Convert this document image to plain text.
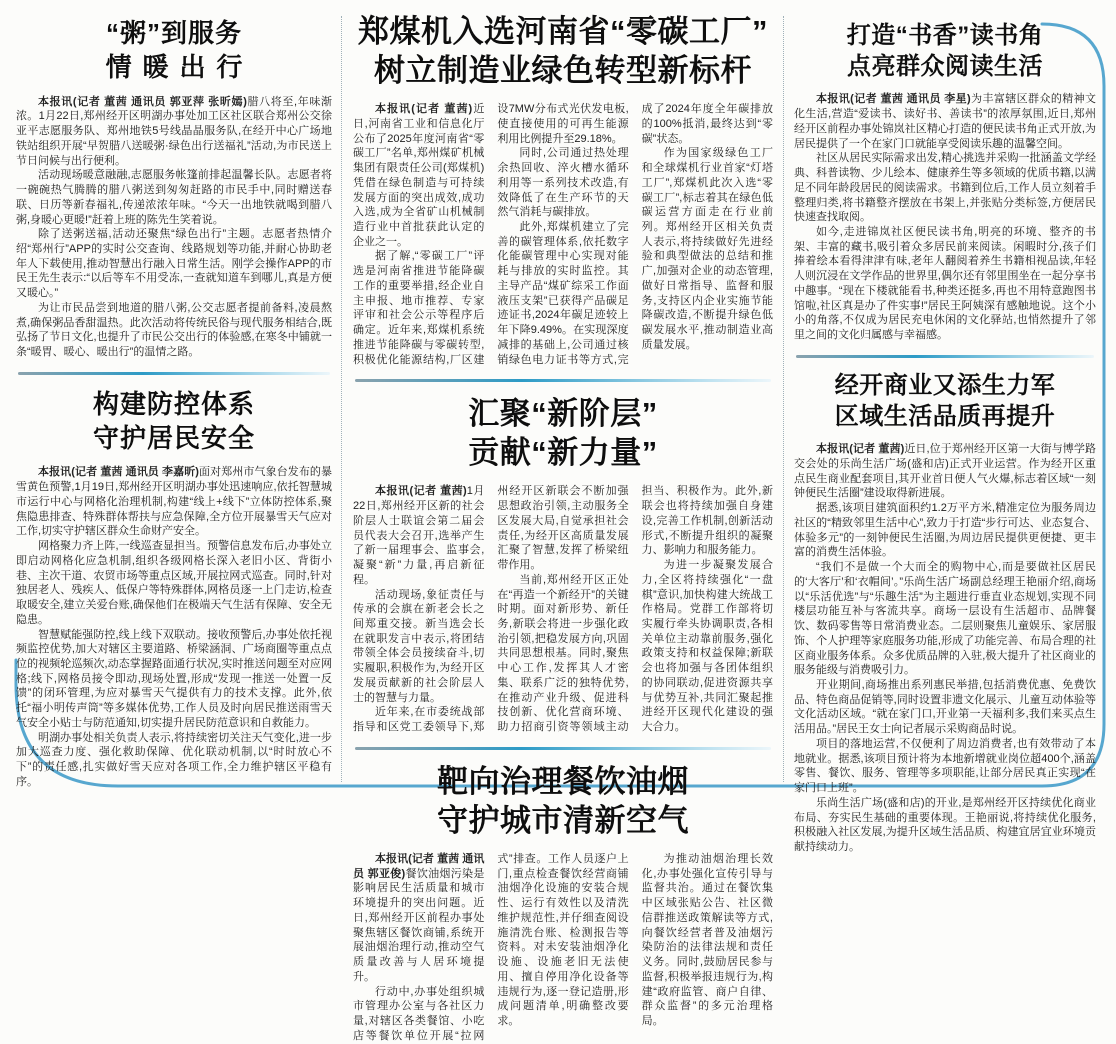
“粥”到服务
情暖出行

本报讯(记者 董茜 通讯员 郭亚萍 张昕嫣)腊八将至,年味渐浓。1月22日,郑州经开区明湖办事处加工区社区联合郑州公交徐亚平志愿服务队、郑州地铁5号线晶晶服务队,在经开中心广场地铁站组织开展“早贺腊八送暖粥·绿色出行送福礼”活动,为市民送上节日问候与出行便利。

活动现场暖意融融,志愿服务帐篷前排起温馨长队。志愿者将一碗碗热气腾腾的腊八粥送到匆匆赶路的市民手中,同时赠送春联、日历等新春福礼,传递浓浓年味。“今天一出地铁就喝到腊八粥,身暖心更暖!”赶着上班的陈先生笑着说。

除了送粥送福,活动还聚焦“绿色出行”主题。志愿者热情介绍“郑州行”APP的实时公交查询、线路规划等功能,并耐心协助老年人下载使用,推动智慧出行融入日常生活。刚学会操作APP的市民王先生表示:“以后等车不用受冻,一查就知道车到哪儿,真是方便又暖心。”

为让市民品尝到地道的腊八粥,公交志愿者提前备料,凌晨熬煮,确保粥品香甜温热。此次活动将传统民俗与现代服务相结合,既弘扬了节日文化,也提升了市民公交出行的体验感,在寒冬中铺就一条“暖胃、暖心、暖出行”的温情之路。

构建防控体系
守护居民安全

本报讯(记者 董茜 通讯员 李嘉昕)面对郑州市气象台发布的暴雪黄色预警,1月19日,郑州经开区明湖办事处迅速响应,依托智慧城市运行中心与网格化治理机制,构建“线上+线下”立体防控体系,聚焦隐患排查、特殊群体帮扶与应急保障,全方位开展暴雪天气应对工作,切实守护辖区群众生命财产安全。

网格聚力齐上阵,一线巡查显担当。预警信息发布后,办事处立即启动网格化应急机制,组织各级网格长深入老旧小区、背街小巷、主次干道、农贸市场等重点区域,开展拉网式巡查。同时,针对独居老人、残疾人、低保户等特殊群体,网格员逐一上门走访,检查取暖安全,建立关爱台账,确保他们在极端天气生活有保障、安全无隐患。

智慧赋能强防控,线上线下双联动。接收预警后,办事处依托视频监控优势,加大对辖区主要道路、桥梁涵洞、广场商圈等重点点位的视频轮巡频次,动态掌握路面通行状况,实时推送问题至对应网格;线下,网格员接令即动,现场处置,形成“发现一推送一处置一反馈”的闭环管理,为应对暴雪天气提供有力的技术支撑。此外,依托“福小明传声筒”等多媒体优势,工作人员及时向居民推送雨雪天气安全小贴士与防范通知,切实提升居民防范意识和自救能力。

明湖办事处相关负责人表示,将持续密切关注天气变化,进一步加大巡查力度、强化救助保障、优化联动机制,以“时时放心不下”的责任感,扎实做好雪天应对各项工作,全力维护辖区平稳有序。

郑煤机入选河南省“零碳工厂”
树立制造业绿色转型新标杆

本报讯(记者 董茜)近日,河南省工业和信息化厅公布了2025年度河南省“零碳工厂”名单,郑州煤矿机械集团有限责任公司(郑煤机)凭借在绿色制造与可持续发展方面的突出成效,成功入选,成为全省矿山机械制造行业中首批获此认定的企业之一。

据了解,“零碳工厂”评选是河南省推进节能降碳工作的重要举措,经企业自主申报、地市推荐、专家评审和社会公示等程序后确定。近年来,郑煤机系统推进节能降碳与零碳转型,积极优化能源结构,厂区建设7MW分布式光伏发电板,使直接使用的可再生能源利用比例提升至29.18%。

同时,公司通过热处理余热回收、淬火槽水循环利用等一系列技术改造,有效降低了在生产环节的天然气消耗与碳排放。

此外,郑煤机建立了完善的碳管理体系,依托数字化能碳管理中心实现对能耗与排放的实时监控。其主导产品“煤矿综采工作面液压支架”已获得产品碳足迹证书,2024年碳足迹较上年下降9.49%。在实现深度减排的基础上,公司通过核销绿色电力证书等方式,完成了2024年度全年碳排放的100%抵消,最终达到“零碳”状态。

作为国家级绿色工厂和全球煤机行业首家“灯塔工厂”,郑煤机此次入选“零碳工厂”,标志着其在绿色低碳运营方面走在行业前列。郑州经开区相关负责人表示,将持续做好先进经验和典型做法的总结和推广,加强对企业的动态管理,做好日常指导、监督和服务,支持区内企业实施节能降碳改造,不断提升绿色低碳发展水平,推动制造业高质量发展。

汇聚“新阶层”
贡献“新力量”

本报讯(记者 董茜)1月22日,郑州经开区新的社会阶层人士联谊会第二届会员代表大会召开,选举产生了新一届理事会、监事会,凝聚“新”力量,再启新征程。

活动现场,象征责任与传承的会旗在新老会长之间郑重交接。新当选会长在就职发言中表示,将团结带领全体会员接续奋斗,切实履职,积极作为,为经开区发展贡献新的社会阶层人士的智慧与力量。

近年来,在市委统战部指导和区党工委领导下,郑州经开区新联会不断加强思想政治引领,主动服务全区发展大局,自觉承担社会责任,为经开区高质量发展汇聚了智慧,发挥了桥梁纽带作用。

当前,郑州经开区正处在“再造一个新经开”的关键时期。面对新形势、新任务,新联会将进一步强化政治引领,把稳发展方向,巩固共同思想根基。同时,聚焦中心工作,发挥其人才密集、联系广泛的独特优势,在推动产业升级、促进科技创新、优化营商环境、助力招商引资等领域主动担当、积极作为。此外,新联会也将持续加强自身建设,完善工作机制,创新活动形式,不断提升组织的凝聚力、影响力和服务能力。

为进一步凝聚发展合力,全区将持续强化“一盘棋”意识,加快构建大统战工作格局。党群工作部将切实履行牵头协调职责,各相关单位主动靠前服务,强化政策支持和权益保障;新联会也将加强与各团体组织的协同联动,促进资源共享与优势互补,共同汇聚起推进经开区现代化建设的强大合力。

靶向治理餐饮油烟
守护城市清新空气

本报讯(记者 董茜 通讯员 郭亚俊)餐饮油烟污染是影响居民生活质量和城市环境提升的突出问题。近日,郑州经开区前程办事处聚焦辖区餐饮商铺,系统开展油烟治理行动,推动空气质量改善与人居环境提升。

行动中,办事处组织城市管理办公室与各社区力量,对辖区各类餐馆、小吃店等餐饮单位开展“拉网式”排查。工作人员逐户上门,重点检查餐饮经营商铺油烟净化设施的安装合规性、运行有效性以及清洗维护规范性,并仔细查阅设施清洗台账、检测报告等资料。对未安装油烟净化设施、设施老旧无法使用、擅自停用净化设备等违规行为,逐一登记造册,形成问题清单,明确整改要求。

为推动油烟治理长效化,办事处强化宣传引导与监督共治。通过在餐饮集中区域张贴公告、社区微信群推送政策解读等方式,向餐饮经营者普及油烟污染防治的法律法规和责任义务。同时,鼓励居民参与监督,积极举报违规行为,构建“政府监管、商户自律、群众监督”的多元治理格局。

打造“书香”读书角
点亮群众阅读生活

本报讯(记者 董茜 通讯员 李星)为丰富辖区群众的精神文化生活,营造“爱读书、读好书、善读书”的浓厚氛围,近日,郑州经开区前程办事处锦岚社区精心打造的便民读书角正式开放,为居民提供了一个在家门口就能享受阅读乐趣的温馨空间。

社区从居民实际需求出发,精心挑选并采购一批涵盖文学经典、科普读物、少儿绘本、健康养生等多领域的优质书籍,以满足不同年龄段居民的阅读需求。书籍到位后,工作人员立刻着手整理归类,将书籍整齐摆放在书架上,并张贴分类标签,方便居民快速查找取阅。

如今,走进锦岚社区便民读书角,明亮的环境、整齐的书架、丰富的藏书,吸引着众多居民前来阅读。闲暇时分,孩子们捧着绘本看得津津有味,老年人翻阅着养生书籍相视品读,年轻人则沉浸在文学作品的世界里,偶尔还有邻里围坐在一起分享书中趣事。“现在下楼就能看书,种类还挺多,再也不用特意跑图书馆啦,社区真是办了件实事!”居民王阿姨深有感触地说。这个小小的角落,不仅成为居民充电休闲的文化驿站,也悄然提升了邻里之间的文化归属感与幸福感。

经开商业又添生力军
区域生活品质再提升

本报讯(记者 董茜)近日,位于郑州经开区第一大街与博学路交会处的乐尚生活广场(盛和店)正式开业运营。作为经开区重点民生商业配套项目,其开业首日便人气火爆,标志着区域“一刻钟便民生活圈”建设取得新进展。

据悉,该项目建筑面积约1.2万平方米,精准定位为服务周边社区的“精致邻里生活中心”,致力于打造“步行可达、业态复合、体验多元”的一刻钟便民生活圈,为周边居民提供更便捷、更丰富的消费生活体验。

“我们不是做一个大而全的购物中心,而是要做社区居民的‘大客厅’和‘衣帽间’。”乐尚生活广场副总经理王艳丽介绍,商场以“乐活优选”与“乐趣生活”为主题进行垂直业态规划,实现不同楼层功能互补与客流共享。商场一层设有生活超市、品牌餐饮、数码零售等日常消费业态。二层则聚焦儿童娱乐、家居服饰、个人护理等家庭服务功能,形成了功能完善、布局合理的社区商业服务体系。众多优质品牌的入驻,极大提升了社区商业的服务能级与消费吸引力。

开业期间,商场推出系列惠民举措,包括消费优惠、免费饮品、特色商品促销等,同时设置非遗文化展示、儿童互动体验等文化活动区域。“就在家门口,开业第一天福利多,我们来买点生活用品。”居民王女士向记者展示采购商品时说。

项目的落地运营,不仅便利了周边消费者,也有效带动了本地就业。据悉,该项目预计将为本地新增就业岗位超400个,涵盖零售、餐饮、服务、管理等多项职能,让部分居民真正实现“在家门口上班”。

乐尚生活广场(盛和店)的开业,是郑州经开区持续优化商业布局、夯实民生基础的重要体现。王艳丽说,将持续优化服务,积极融入社区发展,为提升区域生活品质、构建宜居宜业环境贡献持续动力。
